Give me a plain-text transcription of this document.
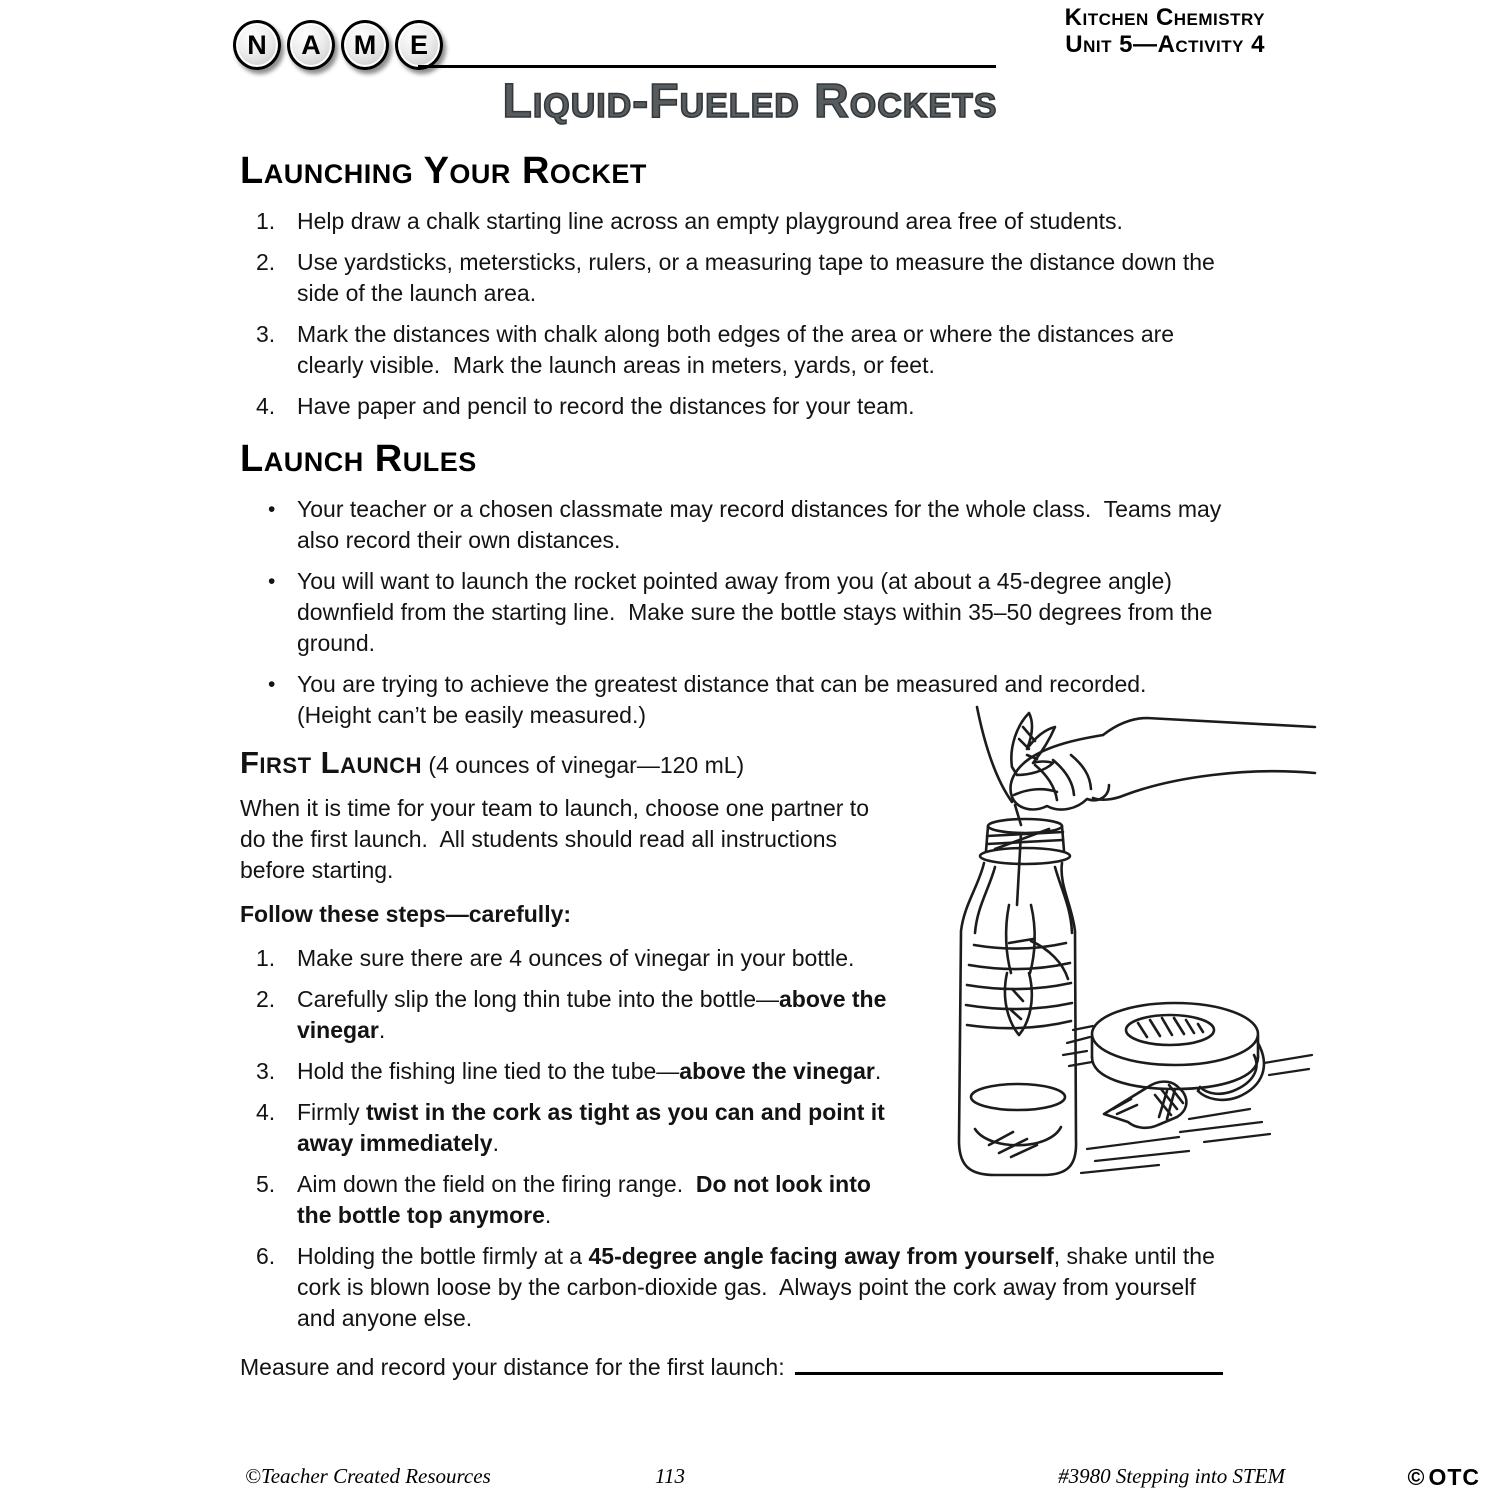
N	A	M	E
Kitchen Chemistry
Unit 5—Activity 4
Liquid-Fueled Rockets
Launching Your Rocket
1. Help draw a chalk starting line across an empty playground area free of students.
2. Use yardsticks, metersticks, rulers, or a measuring tape to measure the distance down the side of the launch area.
3. Mark the distances with chalk along both edges of the area or where the distances are clearly visible.  Mark the launch areas in meters, yards, or feet.
4. Have paper and pencil to record the distances for your team.
Launch Rules
• Your teacher or a chosen classmate may record distances for the whole class.  Teams may also record their own distances.
• You will want to launch the rocket pointed away from you (at about a 45-degree angle) downfield from the starting line.  Make sure the bottle stays within 35–50 degrees from the ground.
• You are trying to achieve the greatest distance that can be measured and recorded.  (Height can’t be easily measured.)
First Launch (4 ounces of vinegar—120 mL)

When it is time for your team to launch, choose one partner to do the first launch.  All students should read all instructions before starting.

Follow these steps—carefully:

1. Make sure there are 4 ounces of vinegar in your bottle.
2. Carefully slip the long thin tube into the bottle—above the vinegar.
3. Hold the fishing line tied to the tube—above the vinegar.
4. Firmly twist in the cork as tight as you can and point it away immediately.
5. Aim down the field on the firing range.  Do not look into the bottle top anymore.
6. Holding the bottle firmly at a 45-degree angle facing away from yourself, shake until the cork is blown loose by the carbon-dioxide gas.  Always point the cork away from yourself and anyone else.
Measure and record your distance for the first launch:
©Teacher Created Resources	113	#3980 Stepping into STEM	© OTC
